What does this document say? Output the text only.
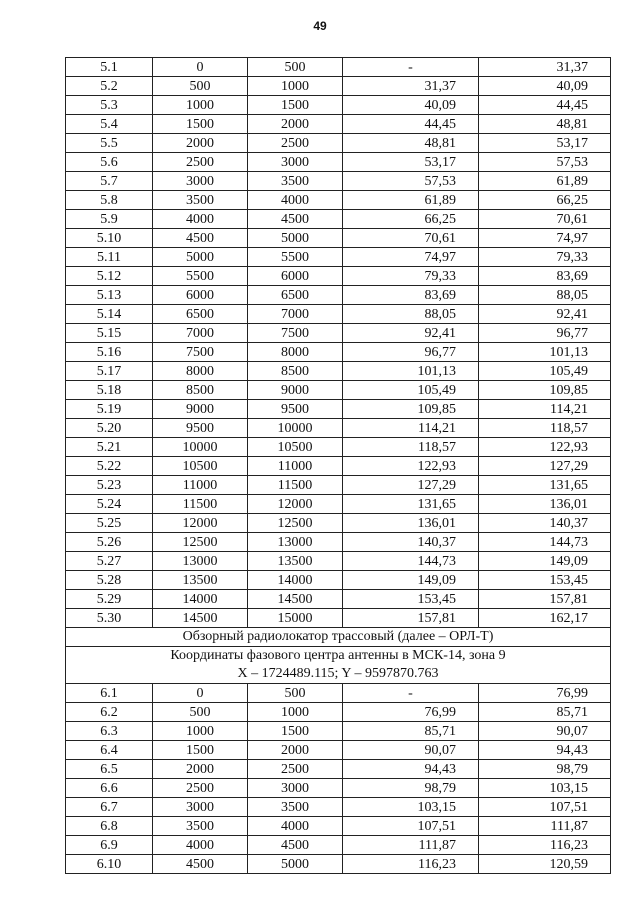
49
5.1	0	500	-	31,37
5.2	500	1000	31,37	40,09
5.3	1000	1500	40,09	44,45
5.4	1500	2000	44,45	48,81
5.5	2000	2500	48,81	53,17
5.6	2500	3000	53,17	57,53
5.7	3000	3500	57,53	61,89
5.8	3500	4000	61,89	66,25
5.9	4000	4500	66,25	70,61
5.10	4500	5000	70,61	74,97
5.11	5000	5500	74,97	79,33
5.12	5500	6000	79,33	83,69
5.13	6000	6500	83,69	88,05
5.14	6500	7000	88,05	92,41
5.15	7000	7500	92,41	96,77
5.16	7500	8000	96,77	101,13
5.17	8000	8500	101,13	105,49
5.18	8500	9000	105,49	109,85
5.19	9000	9500	109,85	114,21
5.20	9500	10000	114,21	118,57
5.21	10000	10500	118,57	122,93
5.22	10500	11000	122,93	127,29
5.23	11000	11500	127,29	131,65
5.24	11500	12000	131,65	136,01
5.25	12000	12500	136,01	140,37
5.26	12500	13000	140,37	144,73
5.27	13000	13500	144,73	149,09
5.28	13500	14000	149,09	153,45
5.29	14000	14500	153,45	157,81
5.30	14500	15000	157,81	162,17
Обзорный радиолокатор трассовый (далее – ОРЛ-Т)				

Координаты фазового центра антенны в МСК-14, зона 9
X – 1724489.115; Y – 9597870.763				

6.1	0	500	-	76,99
6.2	500	1000	76,99	85,71
6.3	1000	1500	85,71	90,07
6.4	1500	2000	90,07	94,43
6.5	2000	2500	94,43	98,79
6.6	2500	3000	98,79	103,15
6.7	3000	3500	103,15	107,51
6.8	3500	4000	107,51	111,87
6.9	4000	4500	111,87	116,23
6.10	4500	5000	116,23	120,59
